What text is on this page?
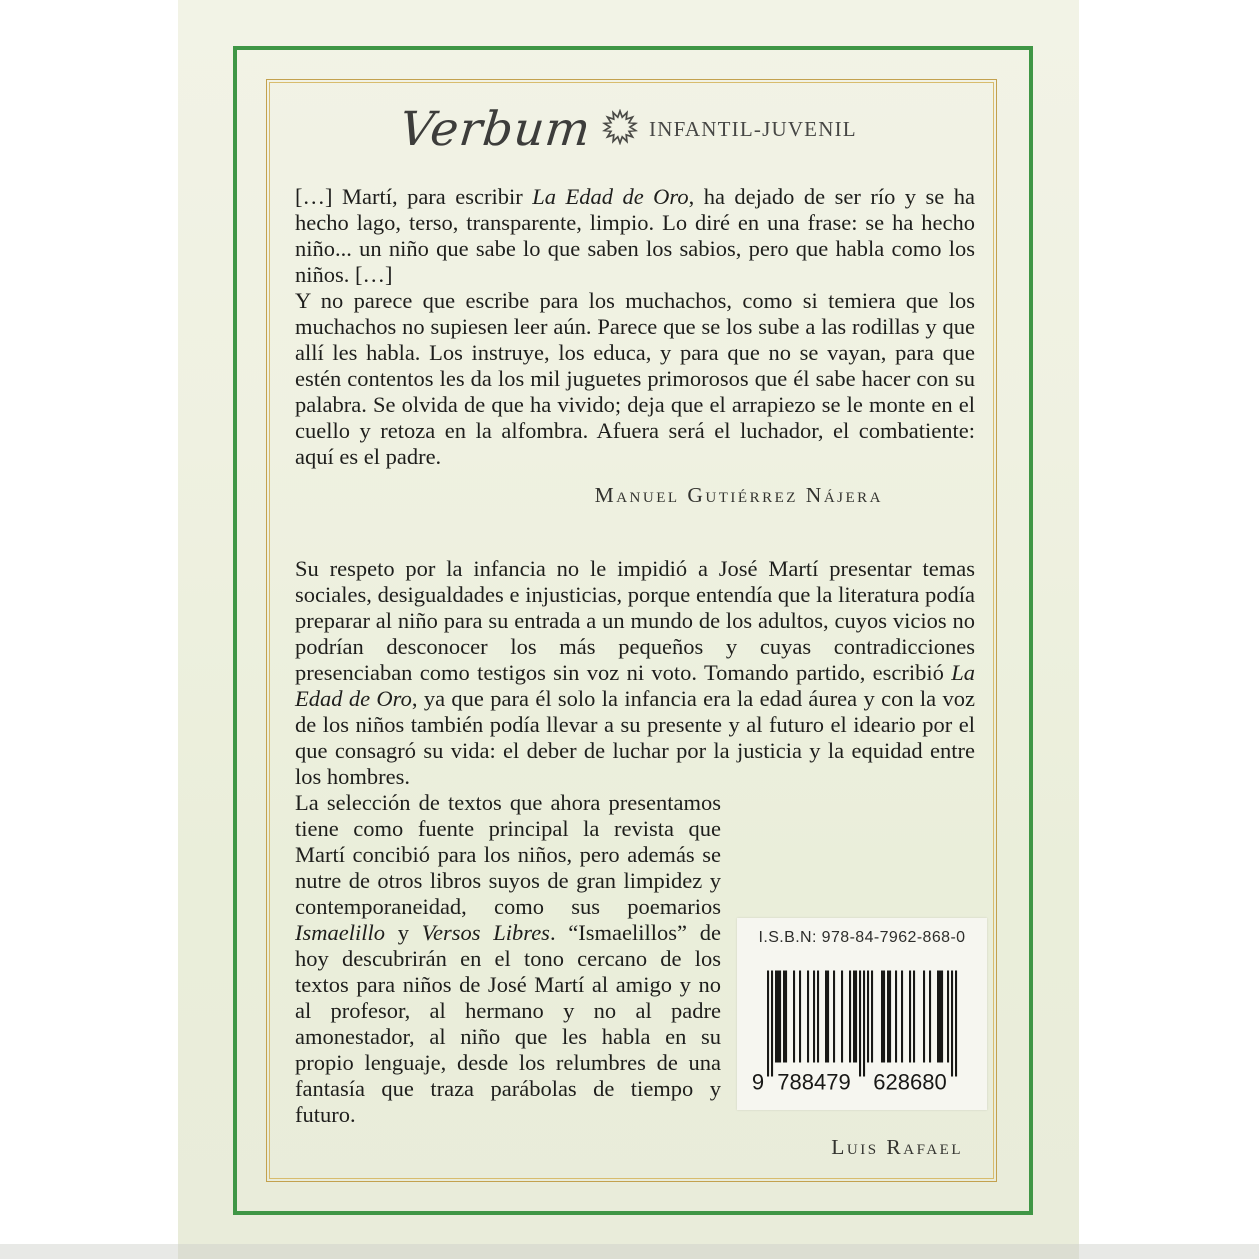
Verbum	INFANTIL-JUVENIL

[…] Martí, para escribir La Edad de Oro, ha dejado de ser río y se ha hecho lago, terso, transparente, limpio. Lo diré en una frase: se ha hecho niño... un niño que sabe lo que saben los sabios, pero que habla como los niños. […]

Y no parece que escribe para los muchachos, como si temiera que los muchachos no supiesen leer aún. Parece que se los sube a las rodillas y que allí les habla. Los instruye, los educa, y para que no se vayan, para que estén contentos les da los mil juguetes primorosos que él sabe hacer con su palabra. Se olvida de que ha vivido; deja que el arrapiezo se le monte en el cuello y retoza en la alfombra. Afuera será el luchador, el combatiente: aquí es el padre.

Manuel Gutiérrez Nájera

Su respeto por la infancia no le impidió a José Martí presentar temas sociales, desigualdades e injusticias, porque entendía que la literatura podía preparar al niño para su entrada a un mundo de los adultos, cuyos vicios no podrían desconocer los más pequeños y cuyas contradicciones presenciaban como testigos sin voz ni voto. Tomando partido, escribió La Edad de Oro, ya que para él solo la infancia era la edad áurea y con la voz de los niños también podía llevar a su presente y al futuro el ideario por el que consagró su vida: el deber de luchar por la justicia y la equidad entre los hombres.

I.S.B.N: 978-84-7962-868-0
9 788479 628680
La selección de textos que ahora presentamos tiene como fuente principal la revista que Martí concibió para los niños, pero además se nutre de otros libros suyos de gran limpidez y contemporaneidad, como sus poemarios Ismaelillo y Versos Libres. “Ismaelillos” de hoy descubrirán en el tono cercano de los textos para niños de José Martí al amigo y no al profesor, al hermano y no al padre amonestador, al niño que les habla en su propio lenguaje, desde los relumbres de una fantasía que traza parábolas de tiempo y futuro.

Luis Rafael
